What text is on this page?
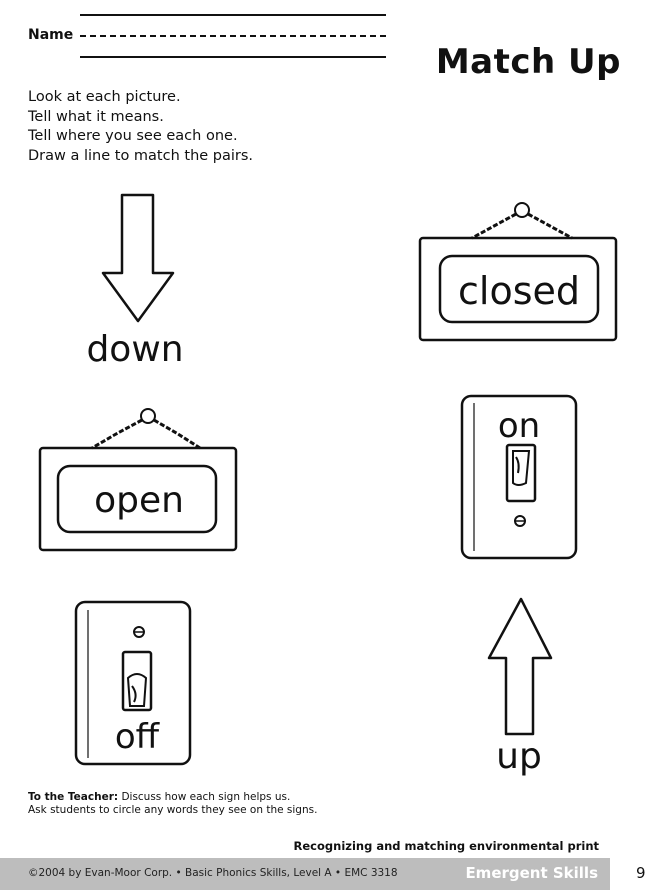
Name
Match Up
Look at each picture.
Tell what it means.
Tell where you see each one.
Draw a line to match the pairs.
down
closed
open
on
off	up
To the Teacher: Discuss how each sign helps us.
Ask students to circle any words they see on the signs.
Recognizing and matching environmental print
©2004 by Evan-Moor Corp. • Basic Phonics Skills, Level A • EMC 3318	Emergent Skills	9
